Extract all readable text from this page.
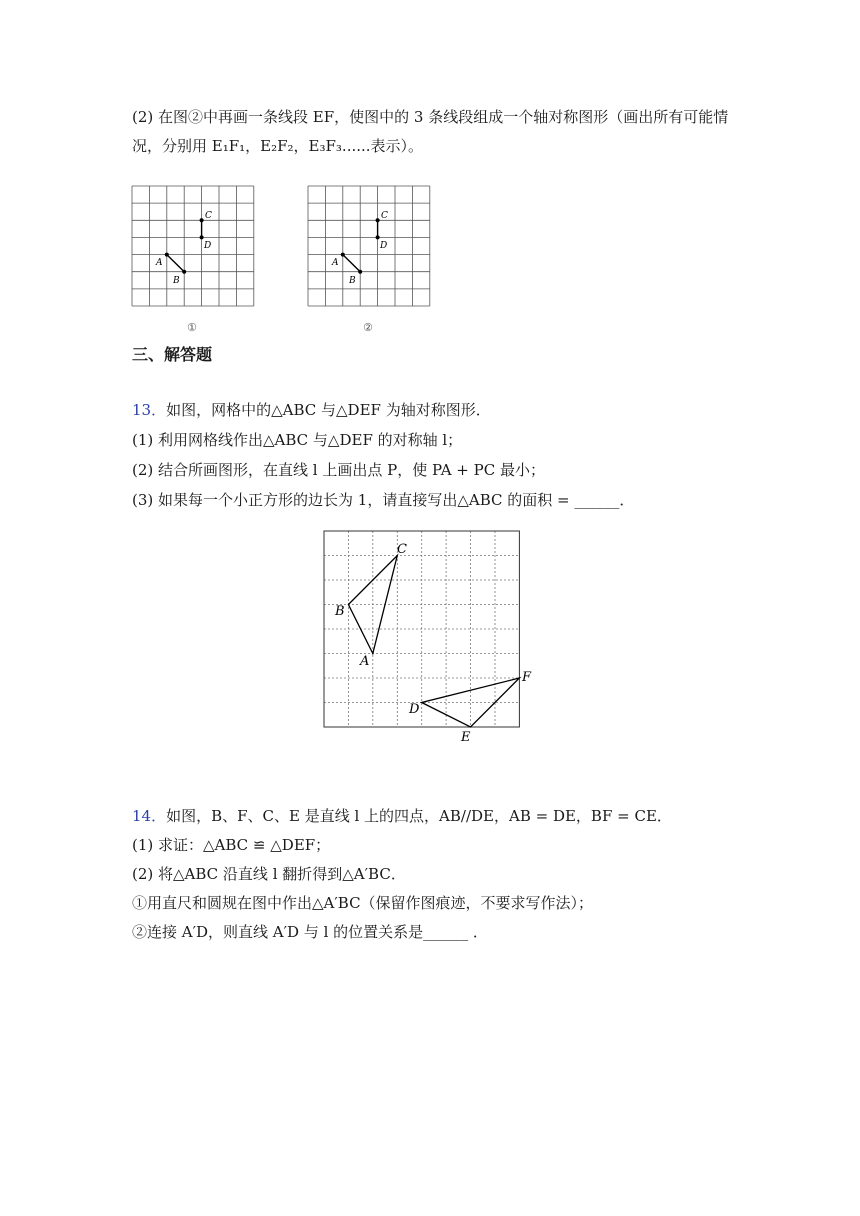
(2) 在图②中再画一条线段 EF，使图中的 3 条线段组成一个轴对称图形（画出所有可能情
况，分别用 E₁F₁，E₂F₂，E₃F₃......表示）。
C
D
A
B
①
C
D
A
B
②
三、解答题
13．如图，网格中的△ABC 与△DEF 为轴对称图形．
(1) 利用网格线作出△ABC 与△DEF 的对称轴 l；
(2) 结合所画图形，在直线 l 上画出点 P，使 PA + PC 最小；
(3) 如果每一个小正方形的边长为 1，请直接写出△ABC 的面积 = ______．
C
B
A
D
E
F
14．如图，B、F、C、E 是直线 l 上的四点，AB//DE，AB = DE，BF = CE．
(1) 求证：△ABC ≌ △DEF；
(2) 将△ABC 沿直线 l 翻折得到△A′BC．
①用直尺和圆规在图中作出△A′BC（保留作图痕迹，不要求写作法）；
②连接 A′D，则直线 A′D 与 l 的位置关系是______ ．
